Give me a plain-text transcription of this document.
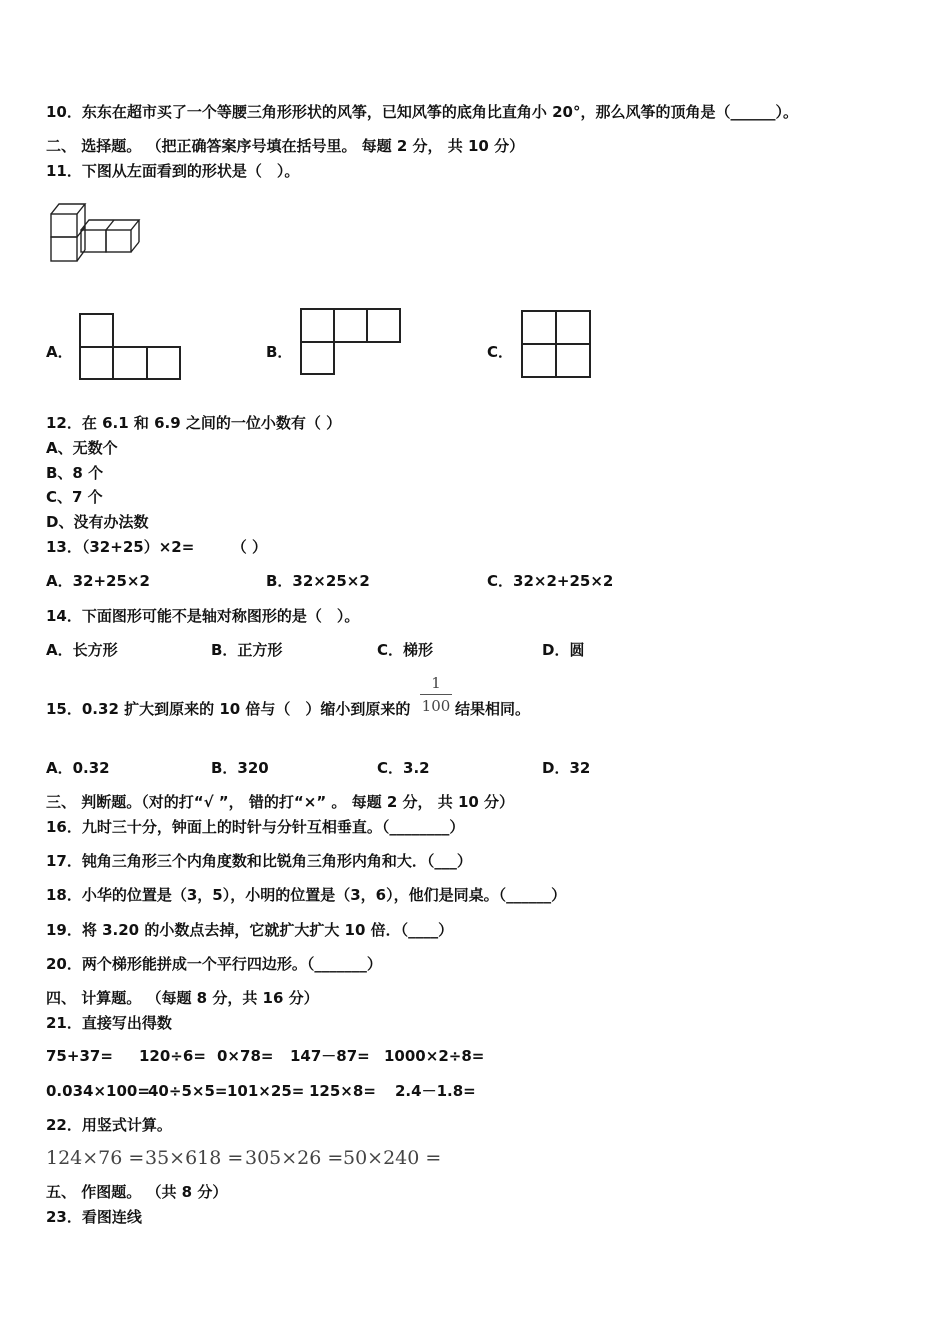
10．东东在超市买了一个等腰三角形形状的风筝，已知风筝的底角比直角小 20°，那么风筝的顶角是（______）。
二、 选择题。 （把正确答案序号填在括号里。 每题 2 分， 共 10 分）
11．下图从左面看到的形状是（　）。
A．	B．	C．
12．在 6.1 和 6.9 之间的一位小数有（ ）
A、无数个
B、8 个
C、7 个
D、没有办法数
13．（32+25）×2=　　　（ ）
A．32+25×2	B．32×25×2	C．32×2+25×2
14．下面图形可能不是轴对称图形的是（　）。
A．长方形	B．正方形	C．梯形	D．圆
15．0.32 扩大到原来的 10 倍与（　）缩小到原来的
1
100 结果相同。
A．0.32	B．320	C．3.2	D．32
三、 判断题。（对的打“√ ”， 错的打“×” 。 每题 2 分， 共 10 分）
16．九时三十分，钟面上的时针与分针互相垂直。（________）
17．钝角三角形三个内角度数和比锐角三角形内角和大．（___）
18．小华的位置是（3，5），小明的位置是（3，6），他们是同桌。（______）
19．将 3.20 的小数点去掉，它就扩大扩大 10 倍．（____）
20．两个梯形能拼成一个平行四边形。（_______）
四、 计算题。 （每题 8 分，共 16 分）
21．直接写出得数
75+37= 120÷6= 0×78= 147－87= 1000×2÷8=
0.034×100=
40÷5×5= 101×25= 125×8= 2.4－1.8=
22．用竖式计算。
124×76 = 35×618 = 305×26 = 50×240 =
五、 作图题。 （共 8 分）
23．看图连线
